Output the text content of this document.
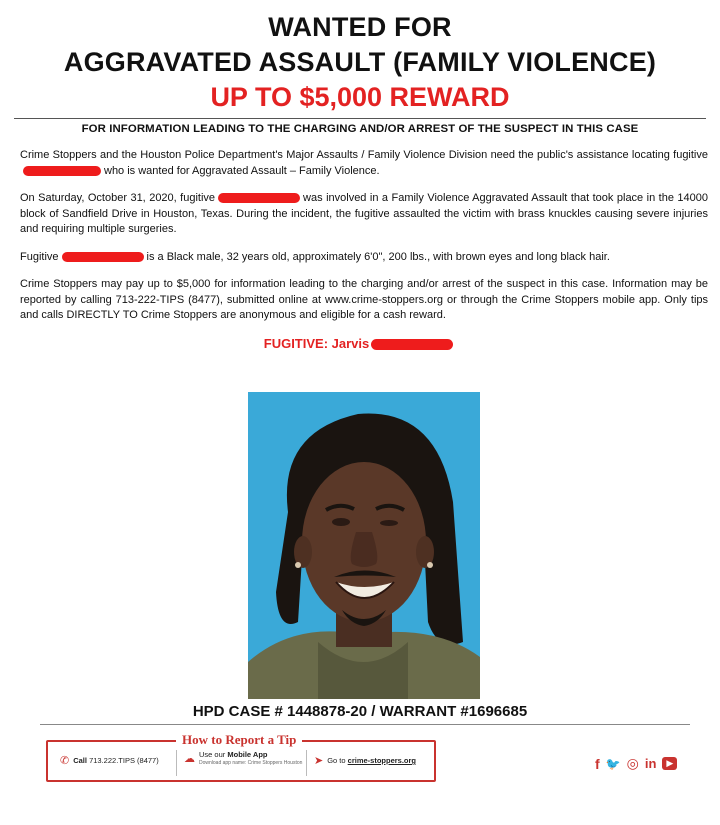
WANTED FOR
AGGRAVATED ASSAULT (FAMILY VIOLENCE)
UP TO $5,000 REWARD
FOR INFORMATION LEADING TO THE CHARGING AND/OR ARREST OF THE SUSPECT IN THIS CASE

Crime Stoppers and the Houston Police Department's Major Assaults / Family Violence Division need the public's assistance locating fugitivewho is wanted for Aggravated Assault – Family Violence.

On Saturday, October 31, 2020, fugitive	was involved in a Family Violence Aggravated Assault that took place in the 14000 block of Sandfield Drive in Houston, Texas. During the incident, the fugitive assaulted the victim with brass knuckles causing severe injuries and requiring multiple surgeries.

Fugitive	is a Black male, 32 years old, approximately 6'0", 200 lbs., with brown eyes and long black hair.

Crime Stoppers may pay up to $5,000 for information leading to the charging and/or arrest of the suspect in this case. Information may be reported by calling 713-222-TIPS (8477), submitted online at www.crime-stoppers.org or through the Crime Stoppers mobile app. Only tips and calls DIRECTLY TO Crime Stoppers are anonymous and eligible for a cash reward.

FUGITIVE: Jarvis
HPD CASE # 1448878-20 / WARRANT #1696685
How to Report a Tip
✆ Call 713.222.TIPS (8477) ☁ Use our Mobile App
Download app name: Crime Stoppers Houston ➤ Go to crime-stoppers.org	f 🐦 ◎ in	▶
